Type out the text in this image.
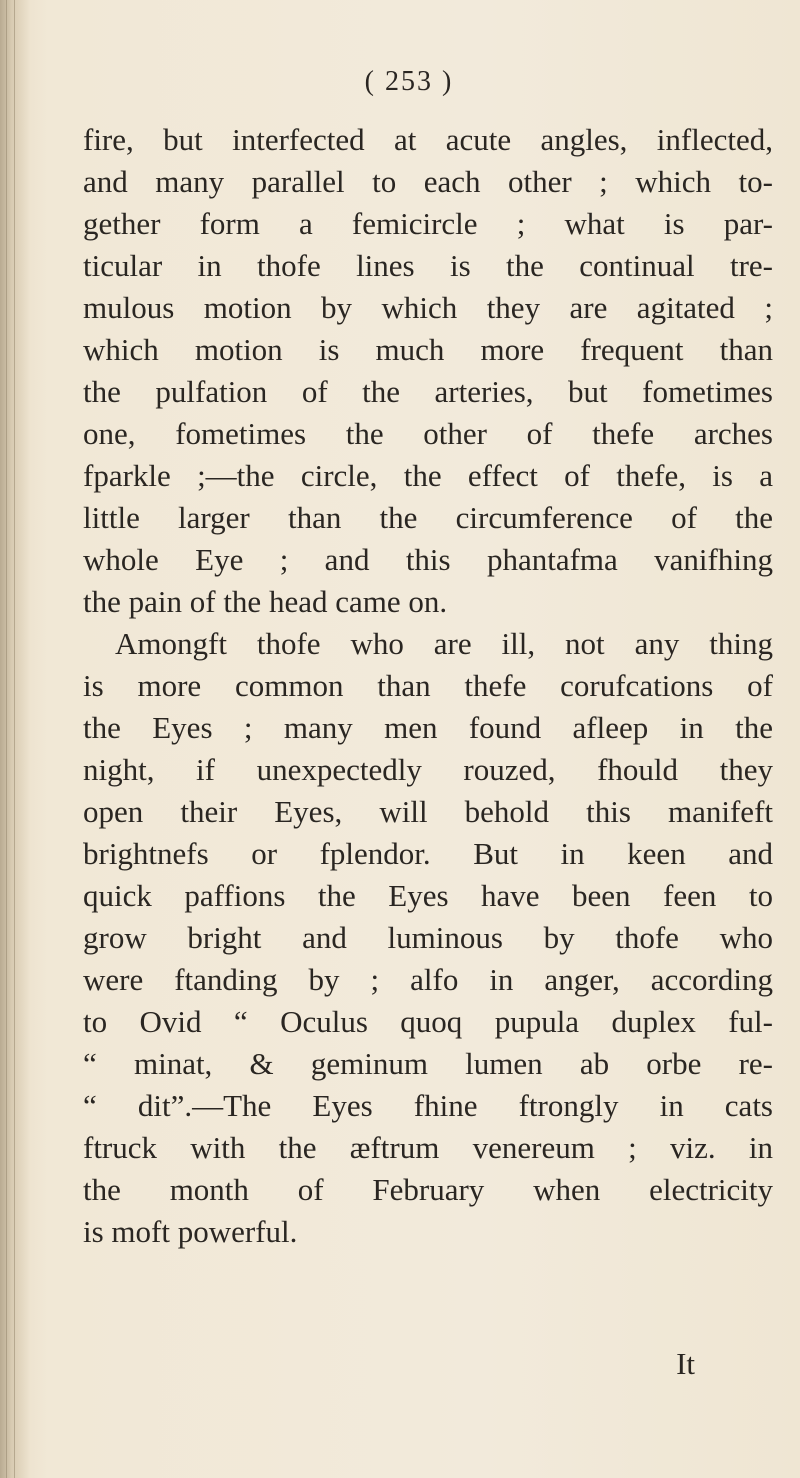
( 253 )
fire, but interfected at acute angles, inflected,
and many parallel to each other ; which to-
gether form a femicircle ; what is par-
ticular in thofe lines is the continual tre-
mulous motion by which they are agitated ;
which motion is much more frequent than
the pulfation of the arteries, but fometimes
one, fometimes the other of thefe arches
fparkle ;—the circle, the effect of thefe, is a
little larger than the circumference of the
whole Eye ; and this phantafma vanifhing
the pain of the head came on.
Amongft thofe who are ill, not any thing
is more common than thefe corufcations of
the Eyes ; many men found afleep in the
night, if unexpectedly rouzed, fhould they
open their Eyes, will behold this manifeft
brightnefs or fplendor. But in keen and
quick paffions the Eyes have been feen to
grow bright and luminous by thofe who
were ftanding by ; alfo in anger, according
to Ovid “ Oculus quoq pupula duplex ful-
“ minat, & geminum lumen ab orbe re-
“ dit”.—The Eyes fhine ftrongly in cats
ftruck with the æftrum venereum ; viz. in
the month of February when electricity
is moft powerful.
It
